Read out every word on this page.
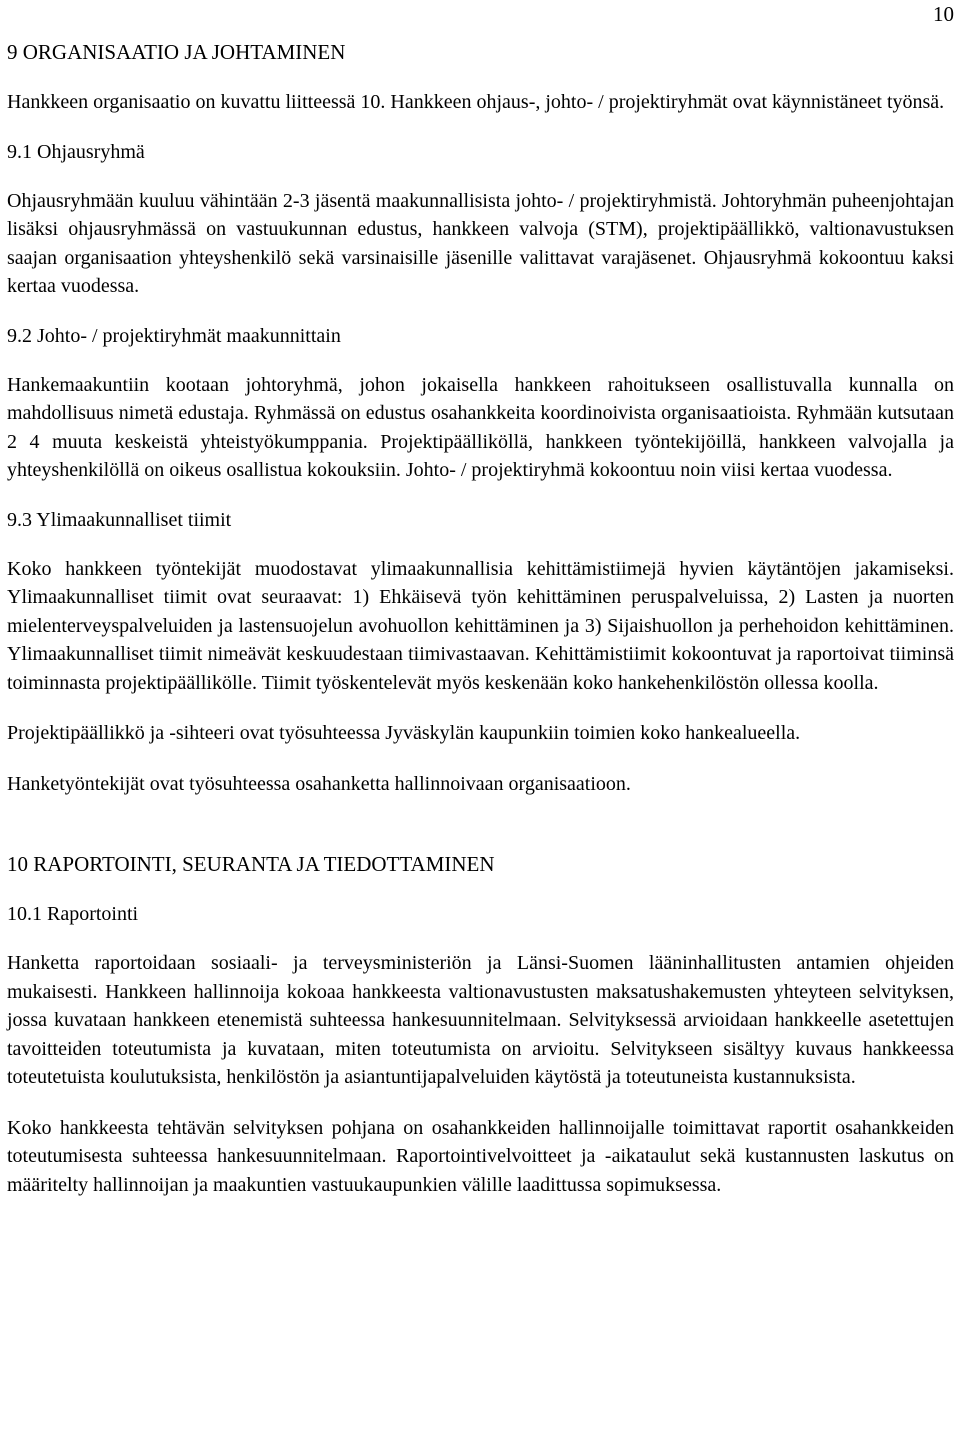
10
9 ORGANISAATIO JA JOHTAMINEN

Hankkeen organisaatio on kuvattu liitteessä 10. Hankkeen ohjaus-, johto- / projektiryhmät ovat käynnistäneet työnsä.

9.1 Ohjausryhmä

Ohjausryhmään kuuluu vähintään 2-3 jäsentä maakunnallisista johto- / projektiryhmistä. Johtoryhmän puheenjohtajan lisäksi ohjausryhmässä on vastuukunnan edustus, hankkeen valvoja (STM), projektipäällikkö, valtionavustuksen saajan organisaation yhteyshenkilö sekä varsinaisille jäsenille valittavat varajäsenet. Ohjausryhmä kokoontuu kaksi kertaa vuodessa.

9.2 Johto- / projektiryhmät maakunnittain

Hankemaakuntiin kootaan johtoryhmä, johon jokaisella hankkeen rahoitukseen osallistuvalla kunnalla on mahdollisuus nimetä edustaja. Ryhmässä on edustus osahankkeita koordinoivista organisaatioista. Ryhmään kutsutaan 2 4 muuta keskeistä yhteistyökumppania. Projektipäälliköllä, hankkeen työntekijöillä, hankkeen valvojalla ja yhteyshenkilöllä on oikeus osallistua kokouksiin. Johto- / projektiryhmä kokoontuu noin viisi kertaa vuodessa.

9.3 Ylimaakunnalliset tiimit

Koko hankkeen työntekijät muodostavat ylimaakunnallisia kehittämistiimejä hyvien käytäntöjen jakamiseksi. Ylimaakunnalliset tiimit ovat seuraavat: 1) Ehkäisevä työn kehittäminen peruspalveluissa, 2) Lasten ja nuorten mielenterveyspalveluiden ja lastensuojelun avohuollon kehittäminen ja 3) Sijaishuollon ja perhehoidon kehittäminen. Ylimaakunnalliset tiimit nimeävät keskuudestaan tiimivastaavan. Kehittämistiimit kokoontuvat ja raportoivat tiiminsä toiminnasta projektipäällikölle. Tiimit työskentelevät myös keskenään koko hankehenkilöstön ollessa koolla.

Projektipäällikkö ja -sihteeri ovat työsuhteessa Jyväskylän kaupunkiin toimien koko hankealueella.

Hanketyöntekijät ovat työsuhteessa osahanketta hallinnoivaan organisaatioon.

10 RAPORTOINTI, SEURANTA JA TIEDOTTAMINEN
10.1 Raportointi

Hanketta raportoidaan sosiaali- ja terveysministeriön ja Länsi-Suomen lääninhallitusten antamien ohjeiden mukaisesti. Hankkeen hallinnoija kokoaa hankkeesta valtionavustusten maksatushakemusten yhteyteen selvityksen, jossa kuvataan hankkeen etenemistä suhteessa hankesuunnitelmaan. Selvityksessä arvioidaan hankkeelle asetettujen tavoitteiden toteutumista ja kuvataan, miten toteutumista on arvioitu. Selvitykseen sisältyy kuvaus hankkeessa toteutetuista koulutuksista, henkilöstön ja asiantuntijapalveluiden käytöstä ja toteutuneista kustannuksista.

Koko hankkeesta tehtävän selvityksen pohjana on osahankkeiden hallinnoijalle toimittavat raportit osahankkeiden toteutumisesta suhteessa hankesuunnitelmaan. Raportointivelvoitteet ja -aikataulut sekä kustannusten laskutus on määritelty hallinnoijan ja maakuntien vastuukaupunkien välille laadittussa sopimuksessa.
